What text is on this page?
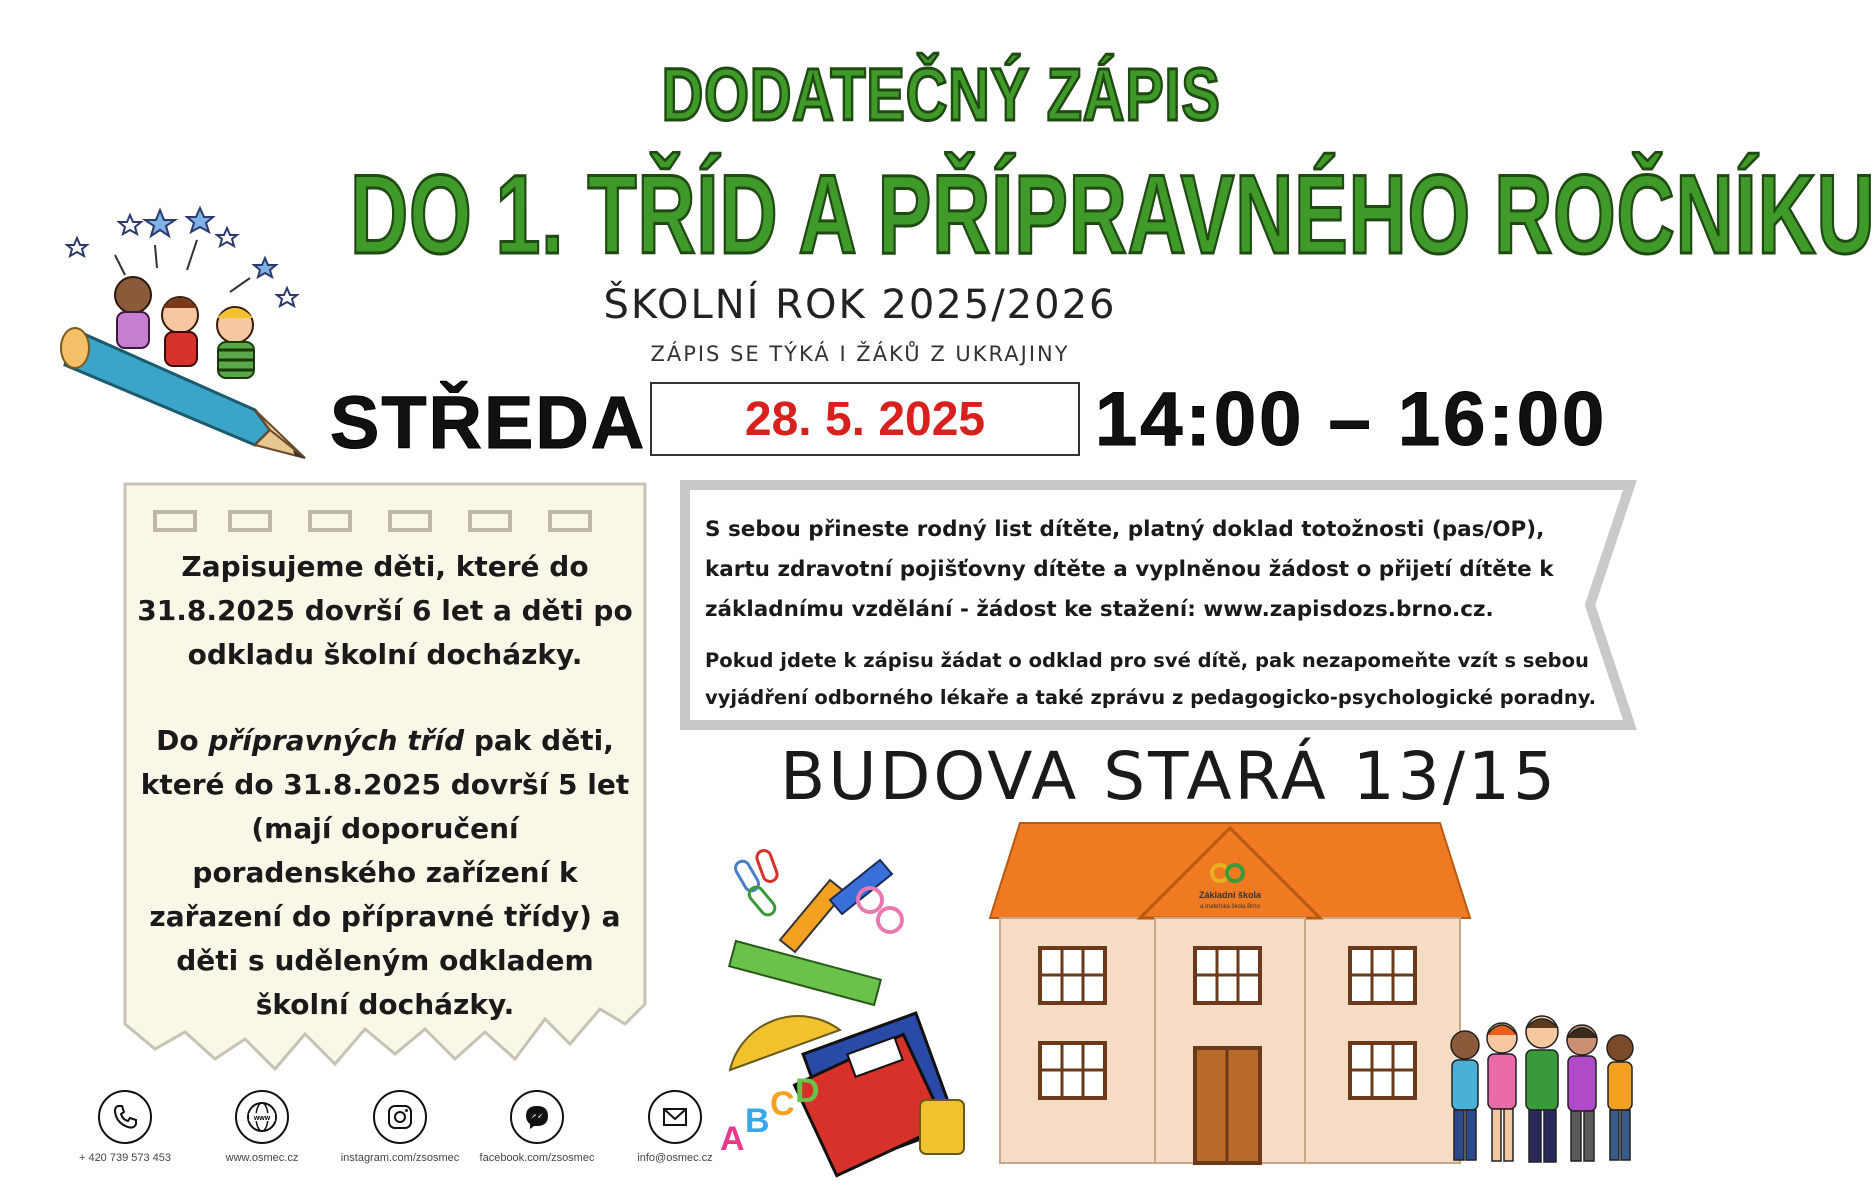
DODATEČNÝ ZÁPIS
DO 1. TŘÍD A PŘÍPRAVNÉHO ROČNÍKU
ŠKOLNÍ ROK 2025/2026
ZÁPIS SE TÝKÁ I ŽÁKŮ Z UKRAJINY
STŘEDA	28. 5. 2025	14:00 – 16:00

Zapisujeme děti, které do 31.8.2025 dovrší 6 let a děti po odkladu školní docházky.

Do přípravných tříd pak děti, které do 31.8.2025 dovrší 5 let (mají doporučení poradenského zařízení k zařazení do přípravné třídy) a děti s uděleným odkladem školní docházky.

S sebou přineste rodný list dítěte, platný doklad totožnosti (pas/OP), kartu zdravotní pojišťovny dítěte a vyplněnou žádost o přijetí dítěte k základnímu vzdělání - žádost ke stažení: www.zapisdozs.brno.cz.
Pokud jdete k zápisu žádat o odklad pro své dítě, pak nezapomeňte vzít s sebou vyjádření odborného lékaře a také zprávu z pedagogicko-psychologické poradny.
BUDOVA STARÁ 13/15
A B C D
Základní škola
a mateřská škola Brno
+ 420 739 573 453
www
www.osmec.cz	instagram.com/zsosmec	facebook.com/zsosmec	info@osmec.cz
